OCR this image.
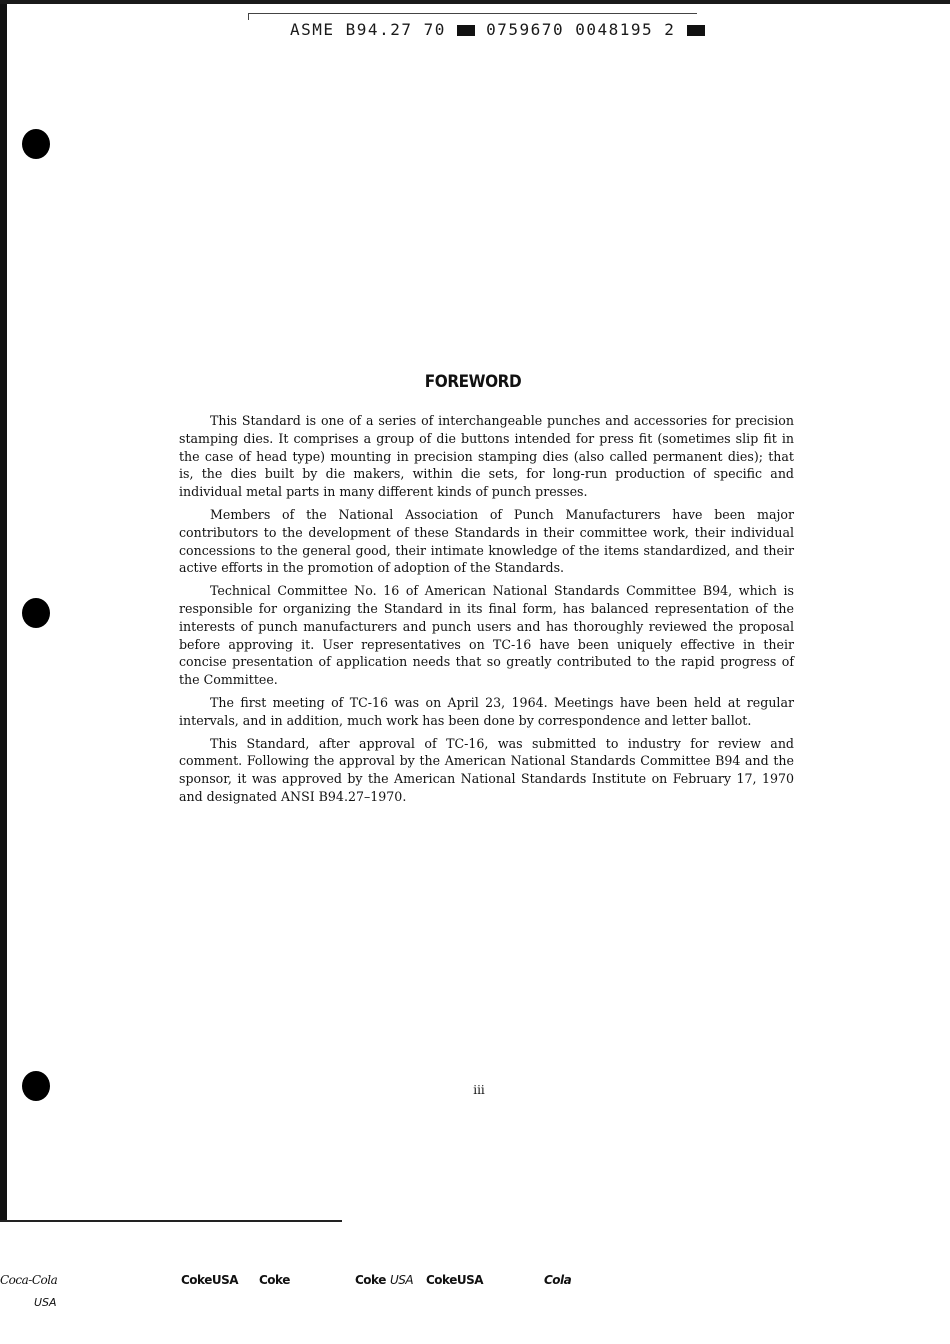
ASME B94.27 70	0759670 0048195 2
FOREWORD

This Standard is one of a series of interchangeable punches and accessories for precision stamping dies. It comprises a group of die buttons intended for press fit (sometimes slip fit in the case of head type) mounting in precision stamping dies (also called permanent dies); that is, the dies built by die makers, within die sets, for long-run production of specific and individual metal parts in many different kinds of punch presses.

Members of the National Association of Punch Manufacturers have been major contributors to the development of these Standards in their committee work, their individual concessions to the general good, their intimate knowledge of the items standardized, and their active efforts in the promotion of adoption of the Standards.

Technical Committee No. 16 of American National Standards Committee B94, which is responsible for organizing the Standard in its final form, has balanced representation of the interests of punch manufacturers and punch users and has thoroughly reviewed the proposal before approving it. User representatives on TC-16 have been uniquely effective in their concise presentation of application needs that so greatly contributed to the rapid progress of the Committee.

The first meeting of TC-16 was on April 23, 1964. Meetings have been held at regular intervals, and in addition, much work has been done by correspondence and letter ballot.

This Standard, after approval of TC-16, was submitted to industry for review and comment. Following the approval by the American National Standards Committee B94 and the sponsor, it was approved by the American National Standards Institute on February 17, 1970 and designated ANSI B94.27–1970.

iii
Coca-Cola	CokeUSA Coke	Coke USA CokeUSA	Cola
USA
